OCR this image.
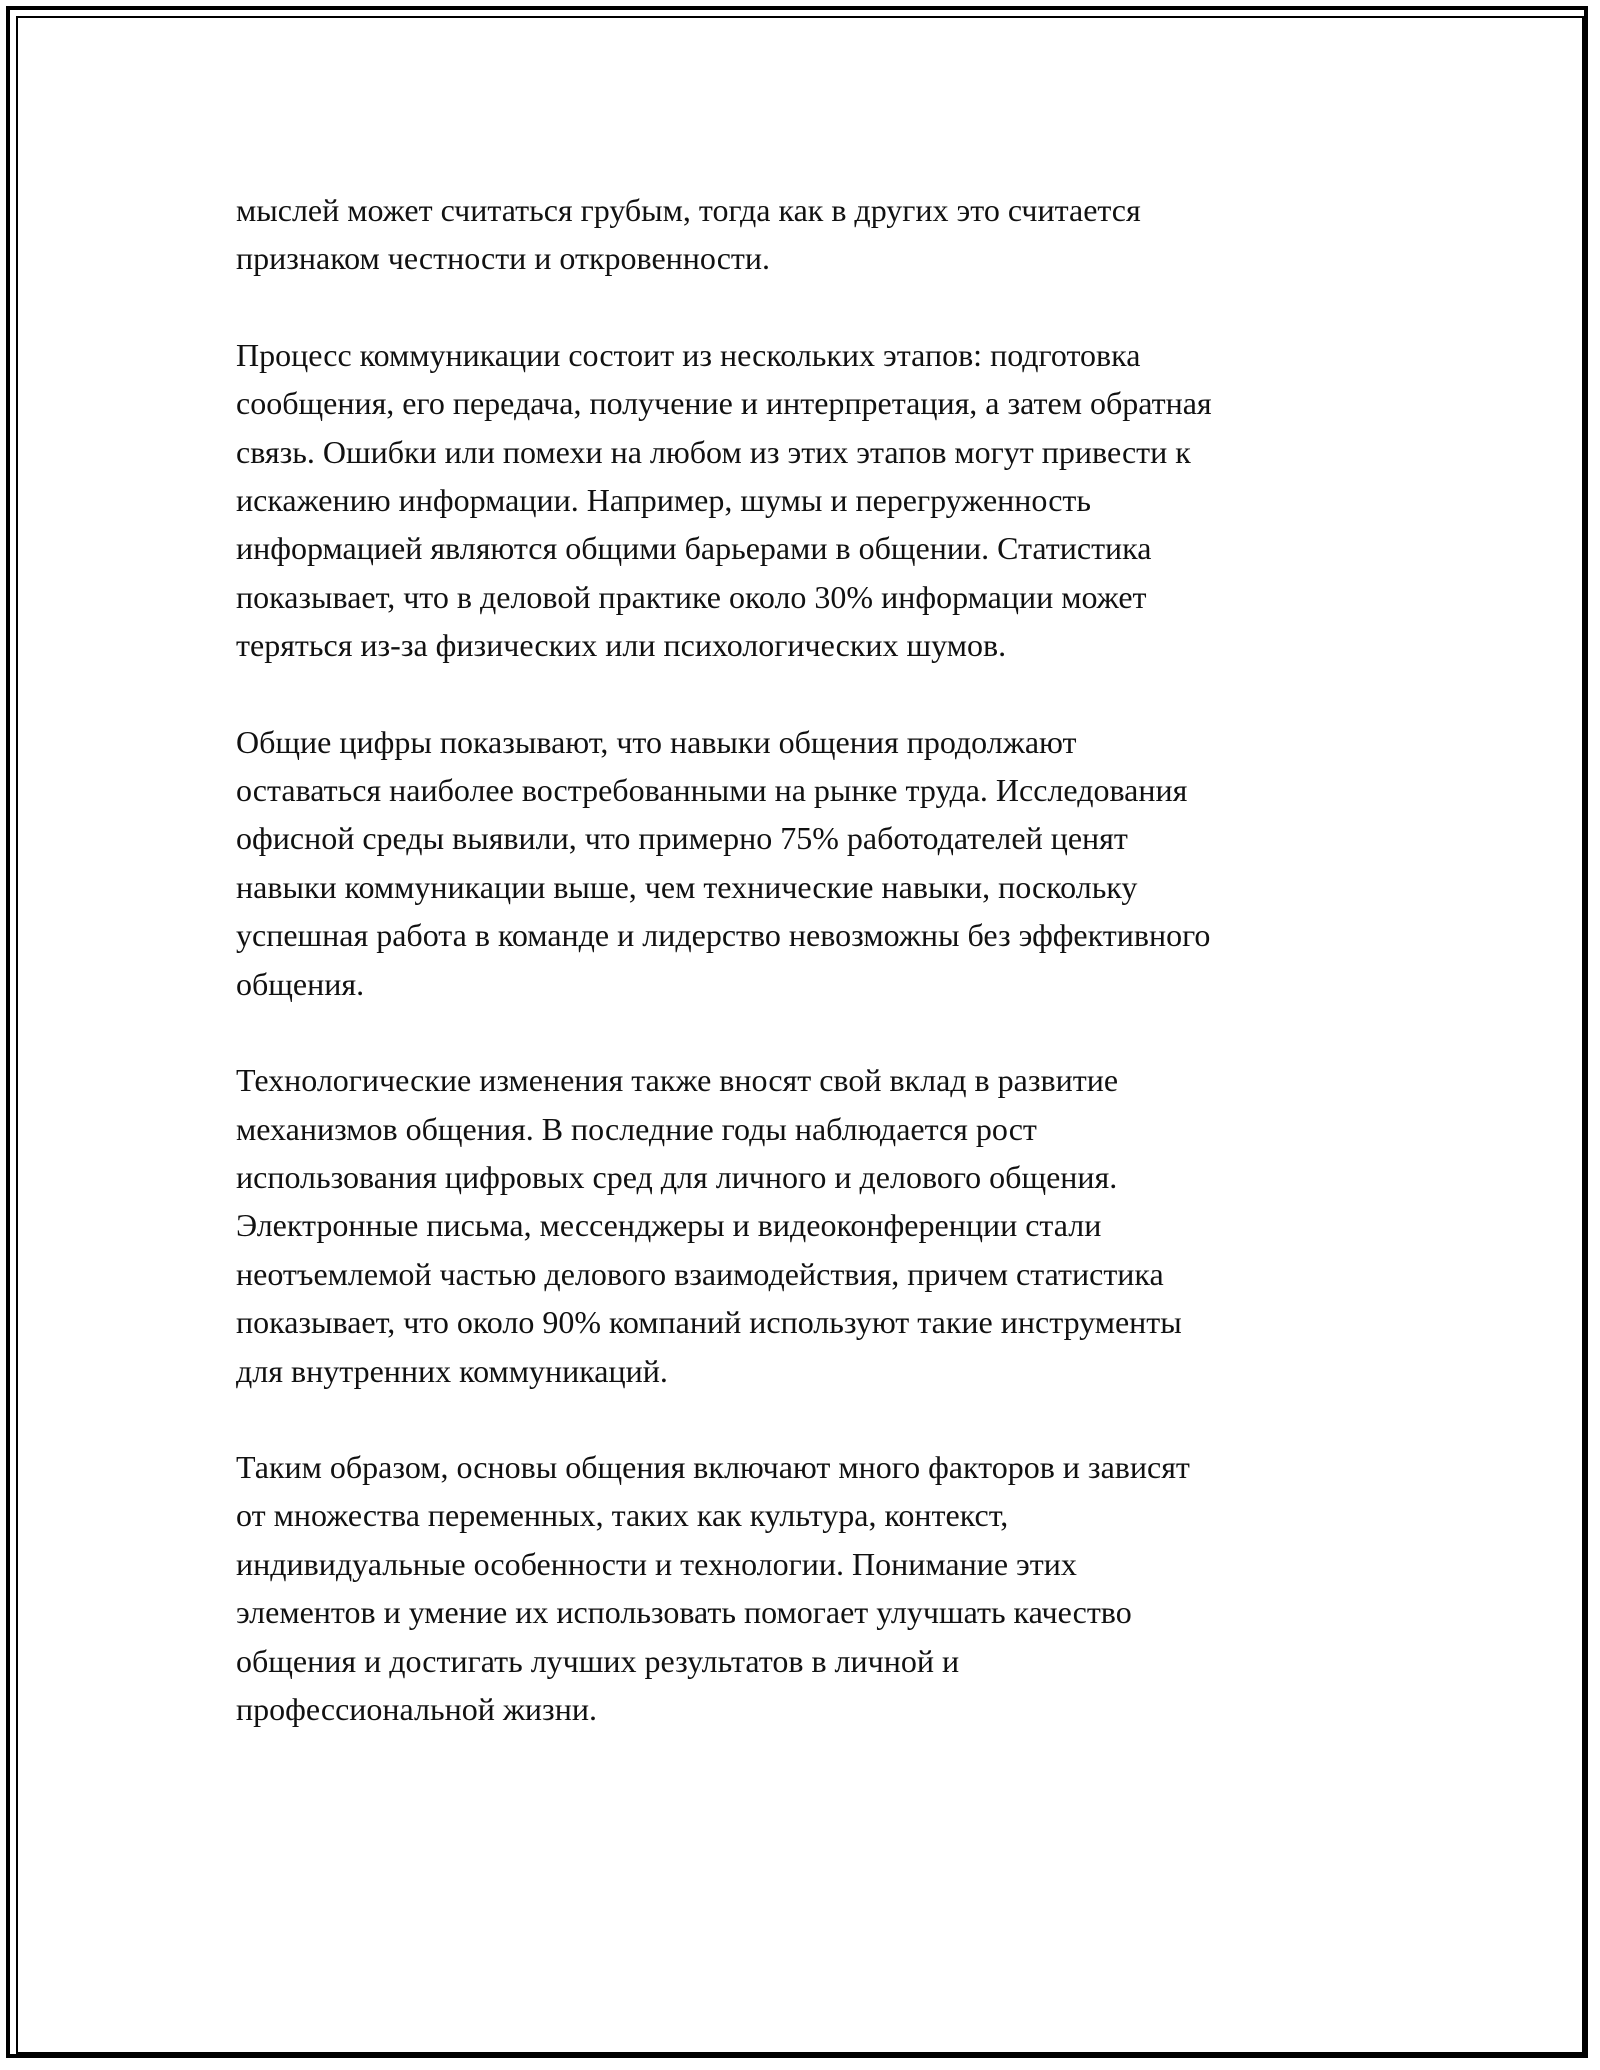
мыслей может считаться грубым, тогда как в других это считается
признаком честности и откровенности.

Процесс коммуникации состоит из нескольких этапов: подготовка
сообщения, его передача, получение и интерпретация, а затем обратная
связь. Ошибки или помехи на любом из этих этапов могут привести к
искажению информации. Например, шумы и перегруженность
информацией являются общими барьерами в общении. Статистика
показывает, что в деловой практике около 30% информации может
теряться из-за физических или психологических шумов.

Общие цифры показывают, что навыки общения продолжают
оставаться наиболее востребованными на рынке труда. Исследования
офисной среды выявили, что примерно 75% работодателей ценят
навыки коммуникации выше, чем технические навыки, поскольку
успешная работа в команде и лидерство невозможны без эффективного
общения.

Технологические изменения также вносят свой вклад в развитие
механизмов общения. В последние годы наблюдается рост
использования цифровых сред для личного и делового общения.
Электронные письма, мессенджеры и видеоконференции стали
неотъемлемой частью делового взаимодействия, причем статистика
показывает, что около 90% компаний используют такие инструменты
для внутренних коммуникаций.

Таким образом, основы общения включают много факторов и зависят
от множества переменных, таких как культура, контекст,
индивидуальные особенности и технологии. Понимание этих
элементов и умение их использовать помогает улучшать качество
общения и достигать лучших результатов в личной и
профессиональной жизни.
